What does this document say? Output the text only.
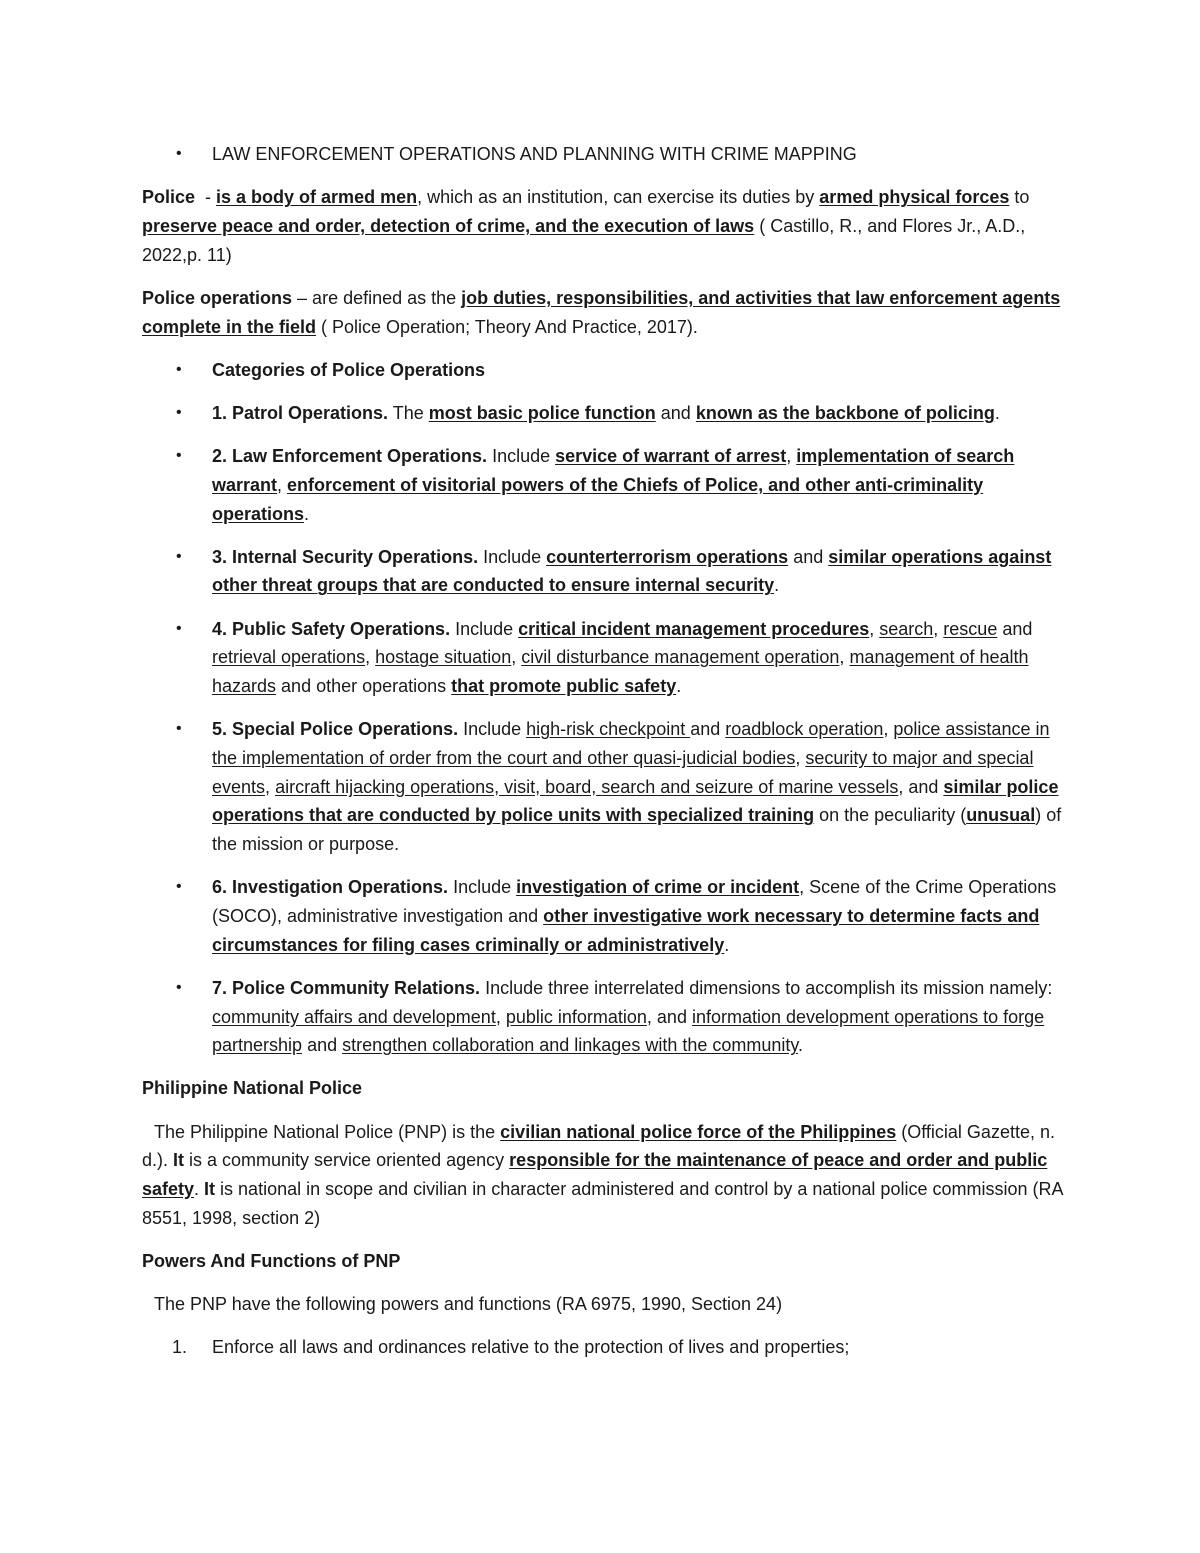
• LAW ENFORCEMENT OPERATIONS AND PLANNING WITH CRIME MAPPING

Police  - is a body of armed men, which as an institution, can exercise its duties by armed physical forces to preserve peace and order, detection of crime, and the execution of laws ( Castillo, R., and Flores Jr., A.D., 2022,p. 11)

Police operations – are defined as the job duties, responsibilities, and activities that law enforcement agents complete in the field ( Police Operation; Theory And Practice, 2017).

• Categories of Police Operations
• 1. Patrol Operations. The most basic police function and known as the backbone of policing.
• 2. Law Enforcement Operations. Include service of warrant of arrest, implementation of search warrant, enforcement of visitorial powers of the Chiefs of Police, and other anti-criminality operations.
• 3. Internal Security Operations. Include counterterrorism operations and similar operations against other threat groups that are conducted to ensure internal security.
• 4. Public Safety Operations. Include critical incident management procedures, search, rescue and retrieval operations, hostage situation, civil disturbance management operation, management of health hazards and other operations that promote public safety.
• 5. Special Police Operations. Include high-risk checkpoint and roadblock operation, police assistance in the implementation of order from the court and other quasi-judicial bodies, security to major and special events, aircraft hijacking operations, visit, board, search and seizure of marine vessels, and similar police operations that are conducted by police units with specialized training on the peculiarity (unusual) of the mission or purpose.
• 6. Investigation Operations. Include investigation of crime or incident, Scene of the Crime Operations (SOCO), administrative investigation and other investigative work necessary to determine facts and circumstances for filing cases criminally or administratively.
• 7. Police Community Relations. Include three interrelated dimensions to accomplish its mission namely: community affairs and development, public information, and information development operations to forge partnership and strengthen collaboration and linkages with the community.

Philippine National Police

The Philippine National Police (PNP) is the civilian national police force of the Philippines (Official Gazette, n. d.). It is a community service oriented agency responsible for the maintenance of peace and order and public safety. It is national in scope and civilian in character administered and control by a national police commission (RA 8551, 1998, section 2)

Powers And Functions of PNP

The PNP have the following powers and functions (RA 6975, 1990, Section 24)

1. Enforce all laws and ordinances relative to the protection of lives and properties;
